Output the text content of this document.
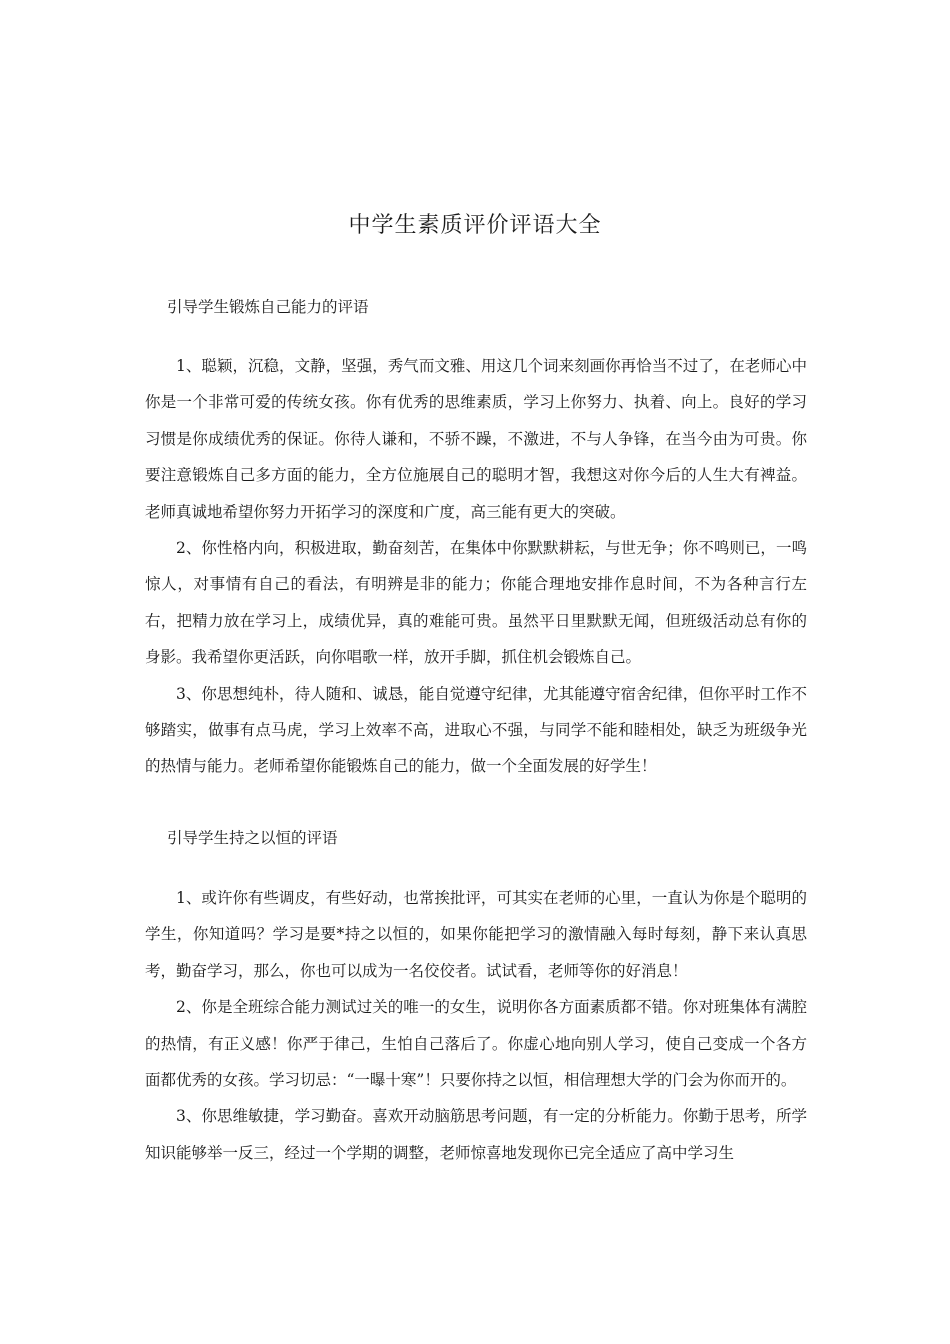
中学生素质评价评语大全
引导学生锻炼自己能力的评语

1、聪颖，沉稳，文静，坚强，秀气而文雅、用这几个词来刻画你再恰当不过了，在老师心中你是一个非常可爱的传统女孩。你有优秀的思维素质，学习上你努力、执着、向上。良好的学习习惯是你成绩优秀的保证。你待人谦和，不骄不躁，不激进，不与人争锋，在当今由为可贵。你要注意锻炼自己多方面的能力，全方位施展自己的聪明才智，我想这对你今后的人生大有裨益。老师真诚地希望你努力开拓学习的深度和广度，高三能有更大的突破。

2、你性格内向，积极进取，勤奋刻苦，在集体中你默默耕耘，与世无争；你不鸣则已，一鸣惊人，对事情有自己的看法，有明辨是非的能力；你能合理地安排作息时间，不为各种言行左右，把精力放在学习上，成绩优异，真的难能可贵。虽然平日里默默无闻，但班级活动总有你的身影。我希望你更活跃，向你唱歌一样，放开手脚，抓住机会锻炼自己。

3、你思想纯朴，待人随和、诚恳，能自觉遵守纪律，尤其能遵守宿舍纪律，但你平时工作不够踏实，做事有点马虎，学习上效率不高，进取心不强，与同学不能和睦相处，缺乏为班级争光的热情与能力。老师希望你能锻炼自己的能力，做一个全面发展的好学生！

引导学生持之以恒的评语

1、或许你有些调皮，有些好动，也常挨批评，可其实在老师的心里，一直认为你是个聪明的学生，你知道吗？学习是要*持之以恒的，如果你能把学习的激情融入每时每刻，静下来认真思考，勤奋学习，那么，你也可以成为一名佼佼者。试试看，老师等你的好消息！

2、你是全班综合能力测试过关的唯一的女生，说明你各方面素质都不错。你对班集体有满腔的热情，有正义感！你严于律己，生怕自己落后了。你虚心地向别人学习，使自己变成一个各方面都优秀的女孩。学习切忌：“一曝十寒”！只要你持之以恒，相信理想大学的门会为你而开的。

3、你思维敏捷，学习勤奋。喜欢开动脑筋思考问题，有一定的分析能力。你勤于思考，所学知识能够举一反三，经过一个学期的调整，老师惊喜地发现你已完全适应了高中学习生
